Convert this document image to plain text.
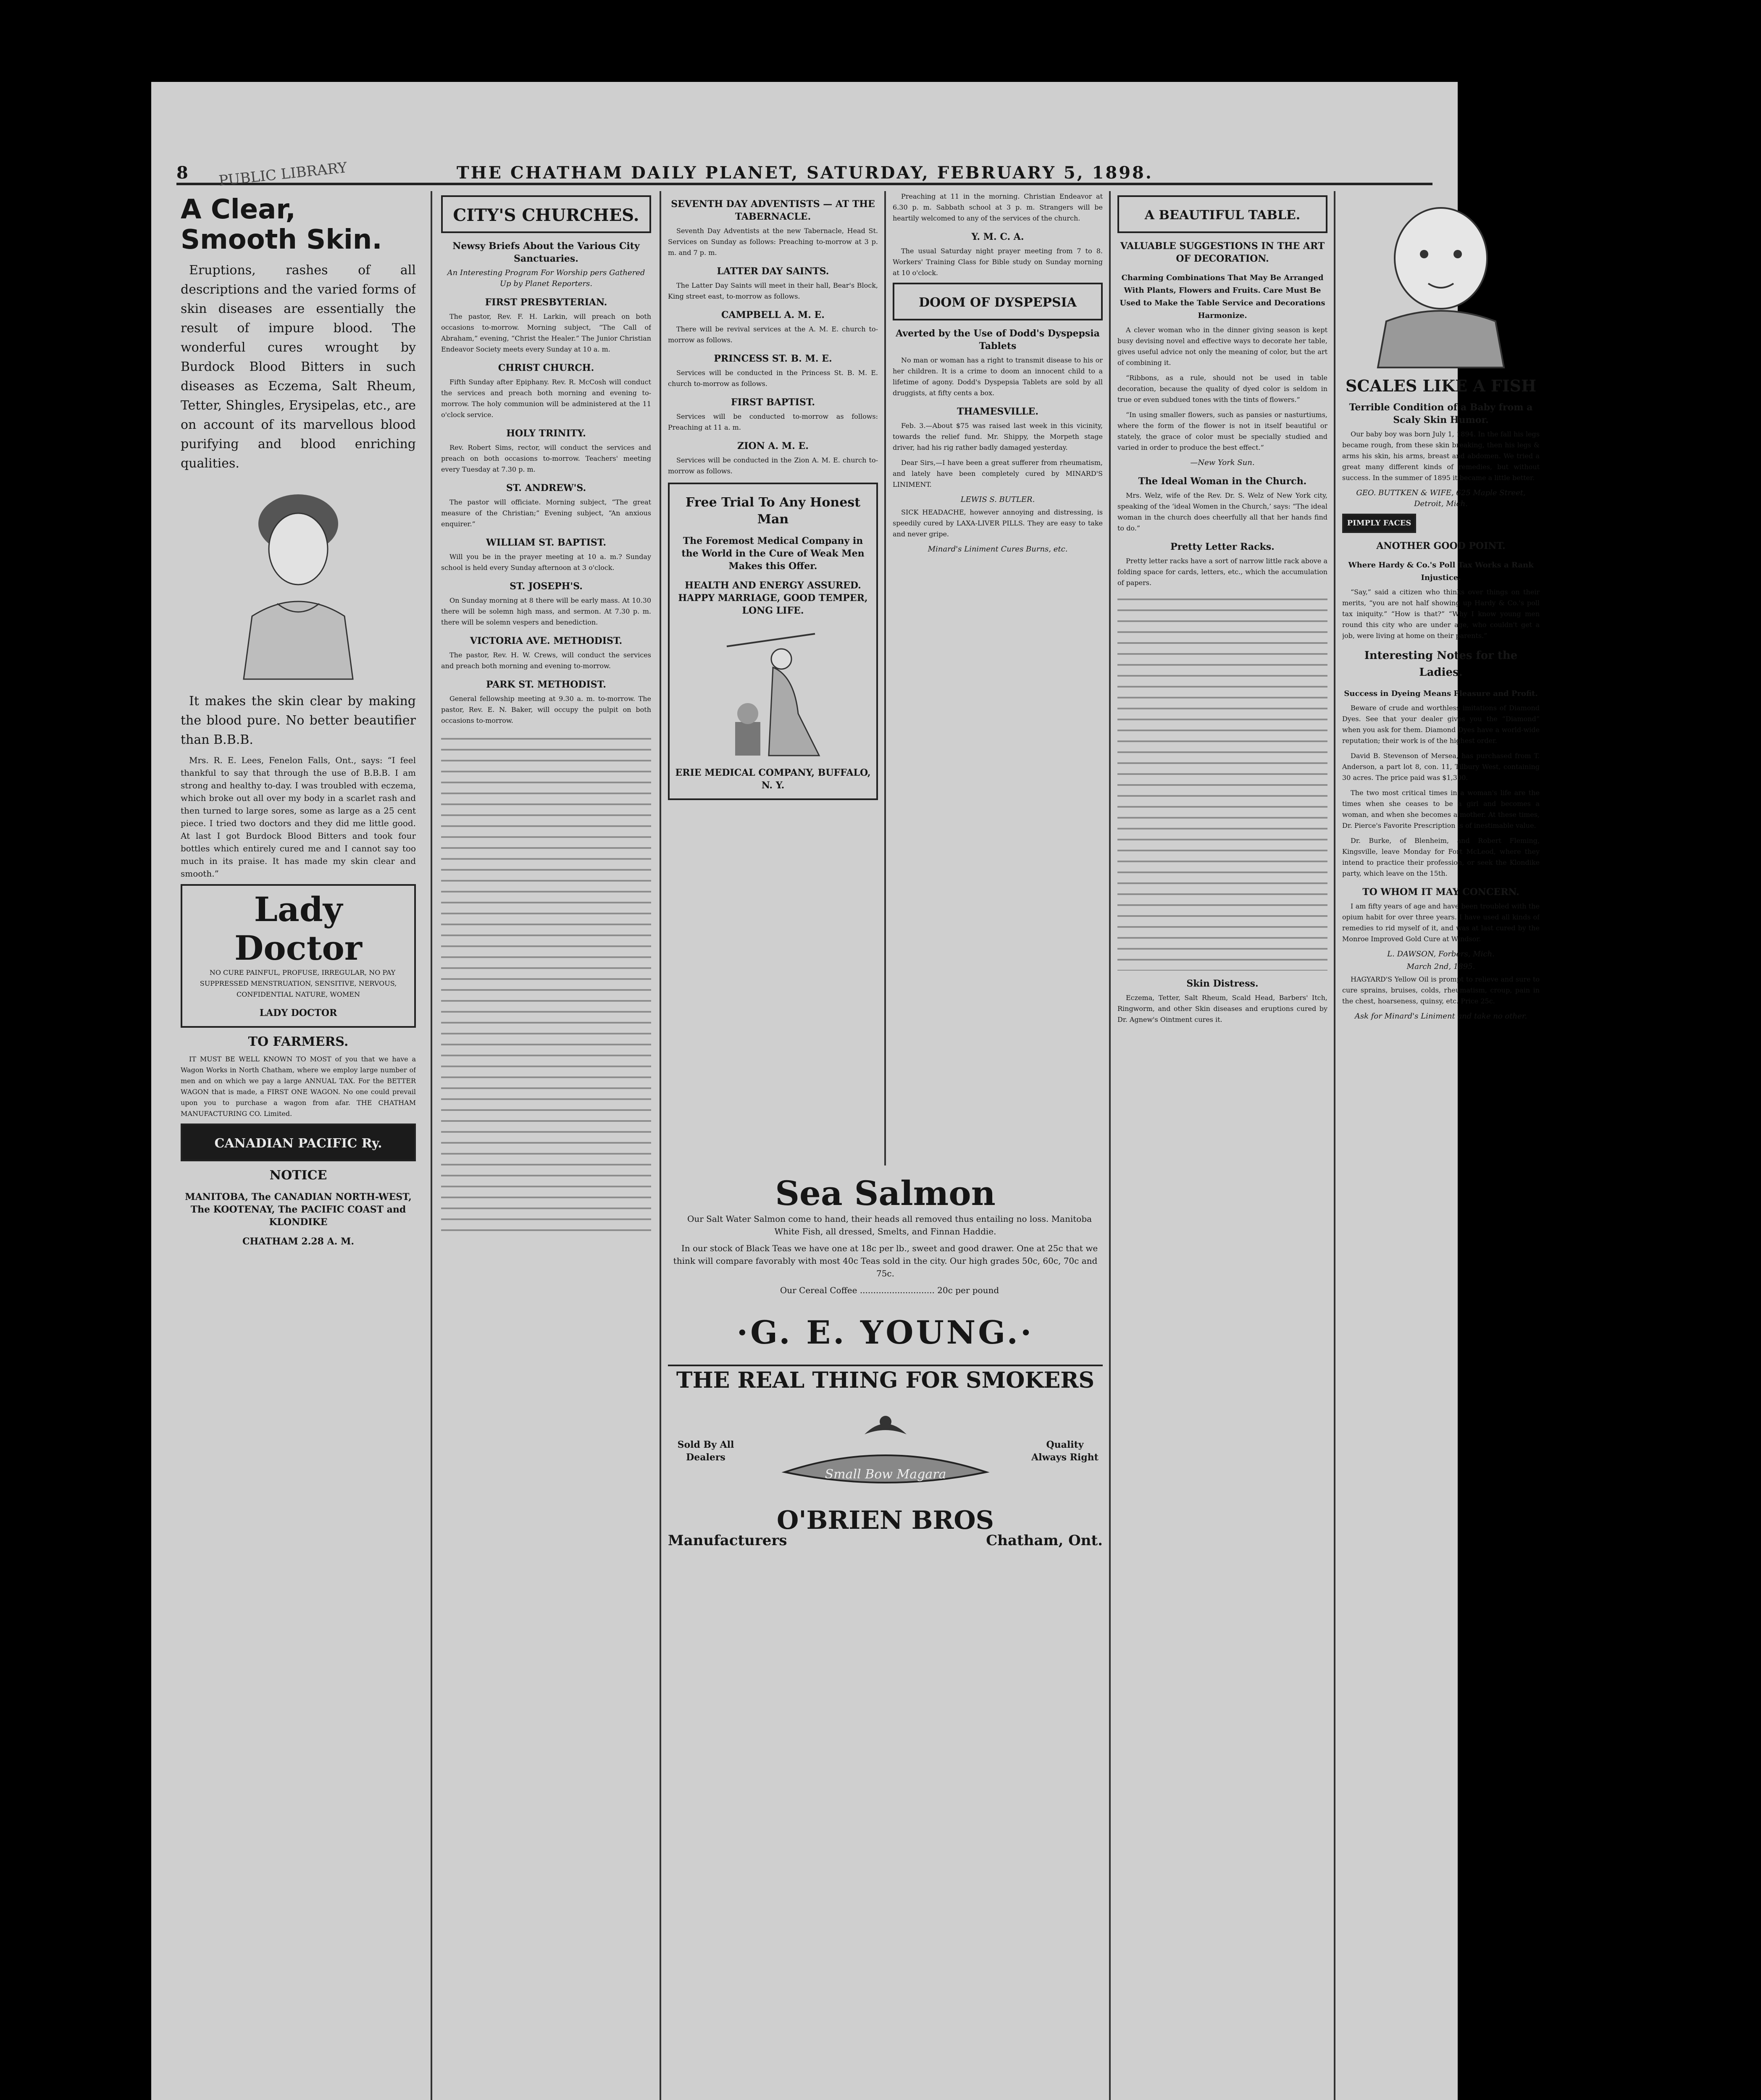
8	PUBLIC LIBRARY	THE CHATHAM DAILY PLANET, SATURDAY, FEBRUARY 5, 1898.
A Clear, Smooth Skin.

Eruptions, rashes of all descriptions and the varied forms of skin diseases are essentially the result of impure blood. The wonderful cures wrought by Burdock Blood Bitters in such diseases as Eczema, Salt Rheum, Tetter, Shingles, Erysipelas, etc., are on account of its marvellous blood purifying and blood enriching qualities.

It makes the skin clear by making the blood pure. No better beautifier than B.B.B.

Mrs. R. E. Lees, Fenelon Falls, Ont., says: “I feel thankful to say that through the use of B.B.B. I am strong and healthy to-day. I was troubled with eczema, which broke out all over my body in a scarlet rash and then turned to large sores, some as large as a 25 cent piece. I tried two doctors and they did me little good. At last I got Burdock Blood Bitters and took four bottles which entirely cured me and I cannot say too much in its praise. It has made my skin clear and smooth.”

Lady Doctor

NO CURE PAINFUL, PROFUSE, IRREGULAR, NO PAY SUPPRESSED MENSTRUATION, SENSITIVE, NERVOUS, CONFIDENTIAL NATURE, WOMEN

LADY DOCTOR
TO FARMERS.

IT MUST BE WELL KNOWN TO MOST of you that we have a Wagon Works in North Chatham, where we employ large number of men and on which we pay a large ANNUAL TAX. For the BETTER WAGON that is made, a FIRST ONE WAGON. No one could prevail upon you to purchase a wagon from afar. THE CHATHAM MANUFACTURING CO. Limited.

CANADIAN PACIFIC Ry.
NOTICE
MANITOBA, The CANADIAN NORTH-WEST, The KOOTENAY, The PACIFIC COAST and KLONDIKE
CHATHAM 2.28 A. M.
CITY'S CHURCHES.
Newsy Briefs About the Various City Sanctuaries.
An Interesting Program For Worship pers Gathered Up by Planet Reporters.
FIRST PRESBYTERIAN.

The pastor, Rev. F. H. Larkin, will preach on both occasions to-morrow. Morning subject, “The Call of Abraham,” evening, “Christ the Healer.” The Junior Christian Endeavor Society meets every Sunday at 10 a. m.

CHRIST CHURCH.

Fifth Sunday after Epiphany. Rev. R. McCosh will conduct the services and preach both morning and evening to-morrow. The holy communion will be administered at the 11 o'clock service.

HOLY TRINITY.

Rev. Robert Sims, rector, will conduct the services and preach on both occasions to-morrow. Teachers' meeting every Tuesday at 7.30 p. m.

ST. ANDREW'S.

The pastor will officiate. Morning subject, “The great measure of the Christian;” Evening subject, “An anxious enquirer.”

WILLIAM ST. BAPTIST.

Will you be in the prayer meeting at 10 a. m.? Sunday school is held every Sunday afternoon at 3 o'clock.

ST. JOSEPH'S.

On Sunday morning at 8 there will be early mass. At 10.30 there will be solemn high mass, and sermon. At 7.30 p. m. there will be solemn vespers and benediction.

VICTORIA AVE. METHODIST.

The pastor, Rev. H. W. Crews, will conduct the services and preach both morning and evening to-morrow.

PARK ST. METHODIST.

General fellowship meeting at 9.30 a. m. to-morrow. The pastor, Rev. E. N. Baker, will occupy the pulpit on both occasions to-morrow.

SEVENTH DAY ADVENTISTS — AT THE TABERNACLE.

Seventh Day Adventists at the new Tabernacle, Head St. Services on Sunday as follows: Preaching to-morrow at 3 p. m. and 7 p. m.

LATTER DAY SAINTS.

The Latter Day Saints will meet in their hall, Bear's Block, King street east, to-morrow as follows.

CAMPBELL A. M. E.

There will be revival services at the A. M. E. church to-morrow as follows.

PRINCESS ST. B. M. E.

Services will be conducted in the Princess St. B. M. E. church to-morrow as follows.

FIRST BAPTIST.

Services will be conducted to-morrow as follows: Preaching at 11 a. m.

ZION A. M. E.

Services will be conducted in the Zion A. M. E. church to-morrow as follows.

Free Trial To Any Honest Man
The Foremost Medical Company in the World in the Cure of Weak Men Makes this Offer.
HEALTH AND ENERGY ASSURED. HAPPY MARRIAGE, GOOD TEMPER, LONG LIFE.
ERIE MEDICAL COMPANY, BUFFALO, N. Y.

Preaching at 11 in the morning. Christian Endeavor at 6.30 p. m. Sabbath school at 3 p. m. Strangers will be heartily welcomed to any of the services of the church.

Y. M. C. A.

The usual Saturday night prayer meeting from 7 to 8. Workers' Training Class for Bible study on Sunday morning at 10 o'clock.

DOOM OF DYSPEPSIA
Averted by the Use of Dodd's Dyspepsia Tablets

No man or woman has a right to transmit disease to his or her children. It is a crime to doom an innocent child to a lifetime of agony. Dodd's Dyspepsia Tablets are sold by all druggists, at fifty cents a box.

THAMESVILLE.

Feb. 3.—About $75 was raised last week in this vicinity, towards the relief fund. Mr. Shippy, the Morpeth stage driver, had his rig rather badly damaged yesterday.

Dear Sirs,—I have been a great sufferer from rheumatism, and lately have been completely cured by MINARD'S LINIMENT.

LEWIS S. BUTLER.

SICK HEADACHE, however annoying and distressing, is speedily cured by LAXA-LIVER PILLS. They are easy to take and never gripe.

Minard's Liniment Cures Burns, etc.
Sea Salmon

Our Salt Water Salmon come to hand, their heads all removed thus entailing no loss. Manitoba White Fish, all dressed, Smelts, and Finnan Haddie.

In our stock of Black Teas we have one at 18c per lb., sweet and good drawer. One at 25c that we think will compare favorably with most 40c Teas sold in the city. Our high grades 50c, 60c, 70c and 75c.

Our Cereal Coffee ............................ 20c per pound

·G. E. YOUNG.·
THE REAL THING FOR SMOKERS
Sold By All Dealers
Small Bow Magara
Quality Always Right
O'BRIEN BROS
Manufacturers	Chatham, Ont.
A BEAUTIFUL TABLE.
VALUABLE SUGGESTIONS IN THE ART OF DECORATION.
Charming Combinations That May Be Arranged With Plants, Flowers and Fruits. Care Must Be Used to Make the Table Service and Decorations Harmonize.

A clever woman who in the dinner giving season is kept busy devising novel and effective ways to decorate her table, gives useful advice not only the meaning of color, but the art of combining it.

“Ribbons, as a rule, should not be used in table decoration, because the quality of dyed color is seldom in true or even subdued tones with the tints of flowers.”

“In using smaller flowers, such as pansies or nasturtiums, where the form of the flower is not in itself beautiful or stately, the grace of color must be specially studied and varied in order to produce the best effect.”

—New York Sun.
The Ideal Woman in the Church.

Mrs. Welz, wife of the Rev. Dr. S. Welz of New York city, speaking of the ‘ideal Women in the Church,’ says: “The ideal woman in the church does cheerfully all that her hands find to do.”

Pretty Letter Racks.

Pretty letter racks have a sort of narrow little rack above a folding space for cards, letters, etc., which the accumulation of papers.

Skin Distress.

Eczema, Tetter, Salt Rheum, Scald Head, Barbers' Itch, Ringworm, and other Skin diseases and eruptions cured by Dr. Agnew's Ointment cures it.

SCALES LIKE A FISH
Terrible Condition of a Baby from a Scaly Skin Humor.

Our baby boy was born July 1, 1894. In the fall his legs became rough, from these skin breaking, then his legs & arms his skin, his arms, breast and abdomen. We tried a great many different kinds of remedies, but without success. In the summer of 1895 it became a little better.

GEO. BUTTKEN & WIFE, 625 Maple Street, Detroit, Mich.
PIMPLY FACES
ANOTHER GOOD POINT.
Where Hardy & Co.'s Poll Tax Works a Rank Injustice.

“Say,” said a citizen who thinks over things on their merits, “you are not half showing up Hardy & Co.'s poll tax iniquity.” “How is that?” “Why I know young men round this city who are under age, who couldn't get a job, were living at home on their parents.”

Interesting Notes for the Ladies.
Success in Dyeing Means Pleasure and Profit.

Beware of crude and worthless imitations of Diamond Dyes. See that your dealer gives you the “Diamond” when you ask for them. Diamond Dyes have a world-wide reputation; their work is of the highest order.

David B. Stevenson of Mersea, has purchased from T. Anderson, a part lot 8, con. 11, Tilbury West, containing 30 acres. The price paid was $1,300.

The two most critical times in a woman's life are the times when she ceases to be a girl and becomes a woman, and when she becomes a mother. At these times, Dr. Pierce's Favorite Prescription is of inestimable value.

Dr. Burke, of Blenheim, and Robert Fleming, Kingsville, leave Monday for Fort McLeod, where they intend to practice their profession, or seek the Klondike party, which leave on the 15th.

TO WHOM IT MAY CONCERN.

I am fifty years of age and have been troubled with the opium habit for over three years. I have used all kinds of remedies to rid myself of it, and was at last cured by the Monroe Improved Gold Cure at Windsor.

L. DAWSON, Forbers, Mich.
March 2nd, 1895.

HAGYARD'S Yellow Oil is prompt to relieve and sure to cure sprains, bruises, colds, rheumatism, croup, pain in the chest, hoarseness, quinsy, etc. Price 25c.

Ask for Minard's Liniment and take no other.
